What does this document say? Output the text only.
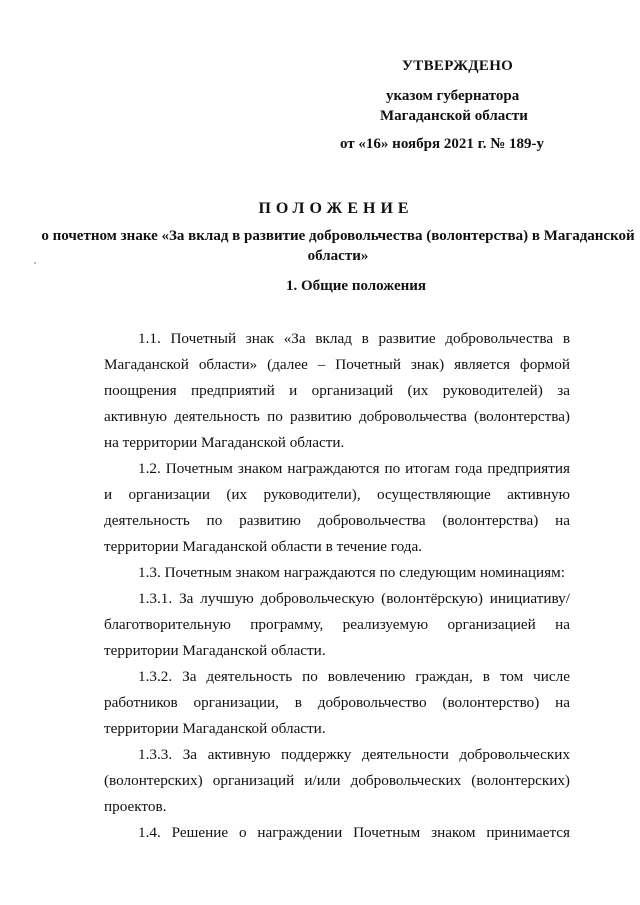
УТВЕРЖДЕНО
указом губернатора
Магаданской области
от «16» ноября 2021 г. № 189-у
ПОЛОЖЕНИЕ
о почетном знаке «За вклад в развитие добровольчества (волонтерства) в Магаданской области»
1. Общие положения

1.1. Почетный знак «За вклад в развитие добровольчества в Магаданской области» (далее – Почетный знак) является формой поощрения предприятий и организаций (их руководителей) за активную деятельность по развитию добровольчества (волонтерства) на территории Магаданской области.

1.2. Почетным знаком награждаются по итогам года предприятия и организации (их руководители), осуществляющие активную деятельность по развитию добровольчества (волонтерства) на территории Магаданской области в течение года.

1.3. Почетным знаком награждаются по следующим номинациям:

1.3.1. За лучшую добровольческую (волонтёрскую) инициативу/благотворительную программу, реализуемую организацией на территории Магаданской области.

1.3.2. За деятельность по вовлечению граждан, в том числе работников организации, в добровольчество (волонтерство) на территории Магаданской области.

1.3.3. За активную поддержку деятельности добровольческих (волонтерских) организаций и/или добровольческих (волонтерских) проектов.

1.4. Решение о награждении Почетным знаком принимается
